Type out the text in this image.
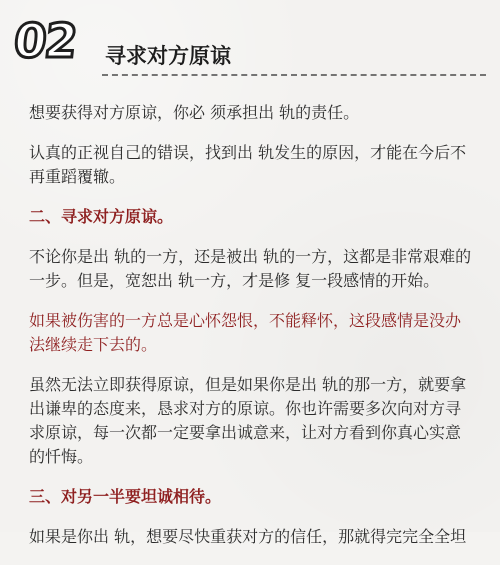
02 寻求对方原谅

想要获得对方原谅，你必 须承担出 轨的责任。

认真的正视自己的错误，找到出 轨发生的原因，才能在今后不再重蹈覆辙。

二、寻求对方原谅。

不论你是出 轨的一方，还是被出 轨的一方，这都是非常艰难的一步。但是，宽恕出 轨一方，才是修 复一段感情的开始。

如果被伤害的一方总是心怀怨恨，不能释怀，这段感情是没办法继续走下去的。

虽然无法立即获得原谅，但是如果你是出 轨的那一方，就要拿出谦卑的态度来，恳求对方的原谅。你也许需要多次向对方寻求原谅，每一次都一定要拿出诚意来，让对方看到你真心实意的忏悔。

三、对另一半要坦诚相待。

如果是你出 轨，想要尽快重获对方的信任，那就得完完全全坦
